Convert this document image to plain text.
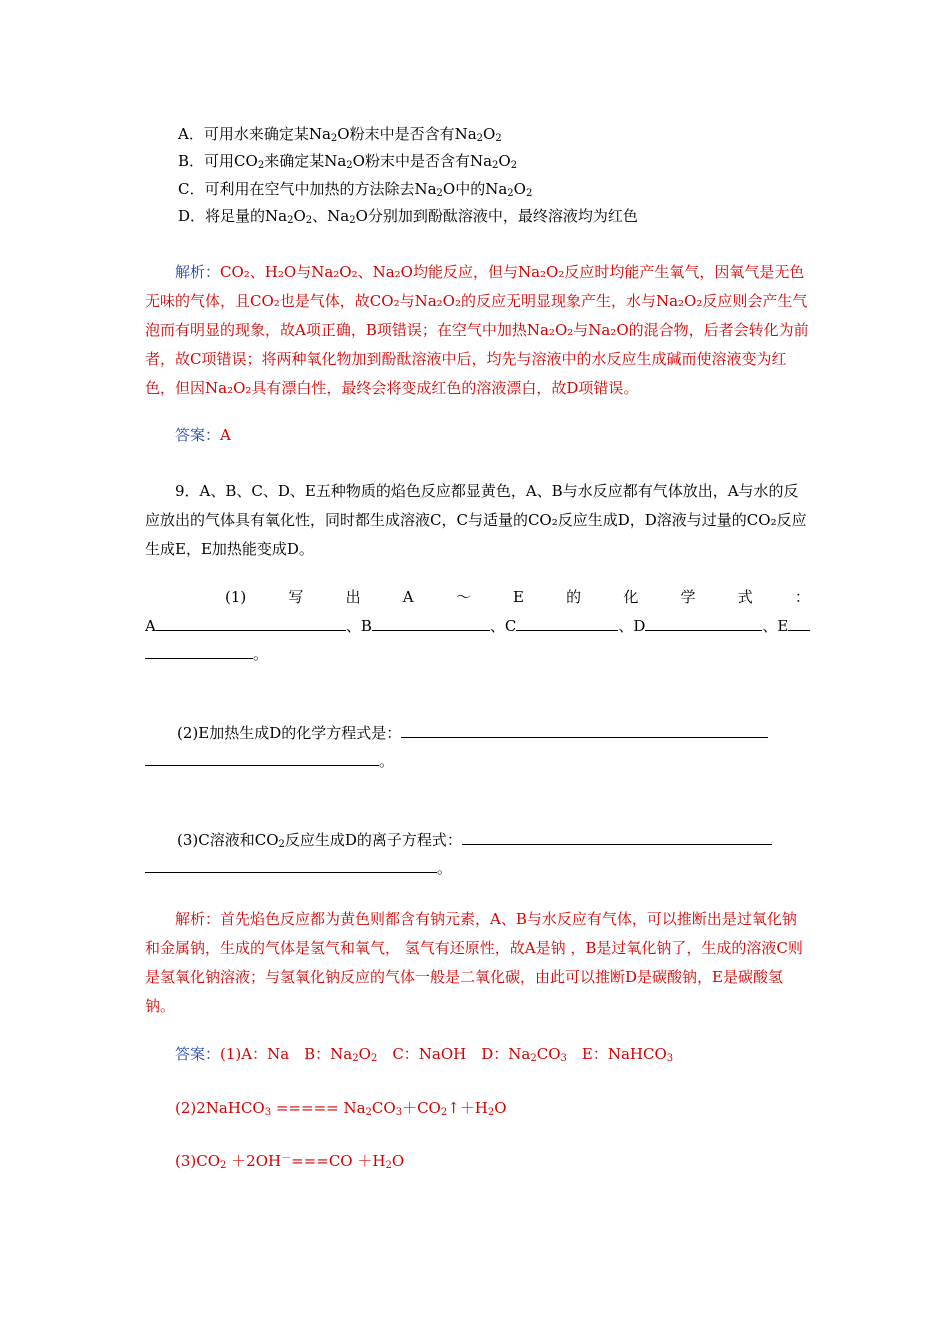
A．可用水来确定某$Na_2O$粉末中是否含有$Na_2O_2$
B．可用$CO_2$来确定某$Na_2O$粉末中是否含有$Na_2O_2$
C．可利用在空气中加热的方法除去$Na_2O$中的$Na_2O_2$
D．将足量的$Na_2O_2$、$Na_2O$分别加到酚酞溶液中，最终溶液均为红色
解析：CO₂、H₂O与Na₂O₂、Na₂O均能反应，但与Na₂O₂反应时均能产生氧气，因氧气是无色无味的气体，且CO₂也是气体，故CO₂与Na₂O₂的反应无明显现象产生，水与Na₂O₂反应则会产生气泡而有明显的现象，故A项正确，B项错误；在空气中加热Na₂O₂与Na₂O的混合物，后者会转化为前者，故C项错误；将两种氧化物加到酚酞溶液中后，均先与溶液中的水反应生成碱而使溶液变为红色，但因Na₂O₂具有漂白性，最终会将变成红色的溶液漂白，故D项错误。
答案：A
9．A、B、C、D、E五种物质的焰色反应都显黄色，A、B与水反应都有气体放出，A与水的反应放出的气体具有氧化性，同时都生成溶液C，C与适量的CO₂反应生成D，D溶液与过量的CO₂反应生成E，E加热能变成D。
(1)	写	出	A	～	E	的	化	学	式	：
A	、B	、C	、D	、E
。
(2)E加热生成D的化学方程式是：
。
(3)C溶液和$CO_2$反应生成D的离子方程式：
。
解析：首先焰色反应都为黄色则都含有钠元素，A、B与水反应有气体，可以推断出是过氧化钠和金属钠，生成的气体是氢气和氧气， 氢气有还原性，故A是钠 ，B是过氧化钠了，生成的溶液C则是氢氧化钠溶液；与氢氧化钠反应的气体一般是二氧化碳，由此可以推断D是碳酸钠，E是碳酸氢钠。
答案：(1)A：Na　B：$Na_2O_2$　C：NaOH　D：$Na_2CO_3$　E：NaHCO$_3$
(2)2NaHCO$_3$ ===== $Na_2CO_3+CO_2↑+H_2O$
$(3)CO_2 +2OH^-===CO +H_2O$
